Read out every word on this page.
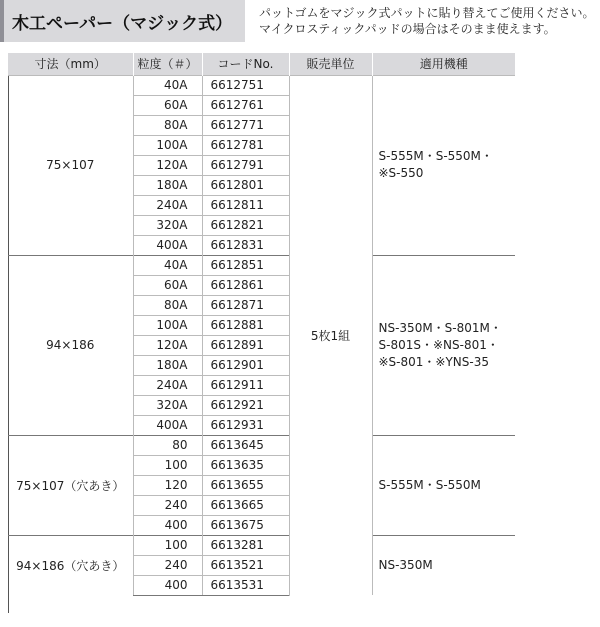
木工ペーパー（マジック式）
パットゴムをマジック式パットに貼り替えてご使用ください。
マイクロスティックパッドの場合はそのまま使えます。
寸法（mm）	粒度（＃）	コードNo.	販売単位	適用機種
75×107	40A	6612751	5枚1組	S-555M・S-550M・
※S-550

	60A	6612761		
	80A	6612771		
	100A	6612781		
	120A	6612791		
	180A	6612801		
	240A	6612811		
	320A	6612821		
	400A	6612831		
94×186	40A	6612851		NS-350M・S-801M・
S-801S・※NS-801・
※S-801・※YNS-35

	60A	6612861		
	80A	6612871		
	100A	6612881		
	120A	6612891		
	180A	6612901		
	240A	6612911		
	320A	6612921		
	400A	6612931		
75×107（穴あき）	80	6613645		S-555M・S-550M

	100	6613635		
	120	6613655		
	240	6613665		
	400	6613675		
94×186（穴あき）	100	6613281		NS-350M

	240	6613521		
	400	6613531		
